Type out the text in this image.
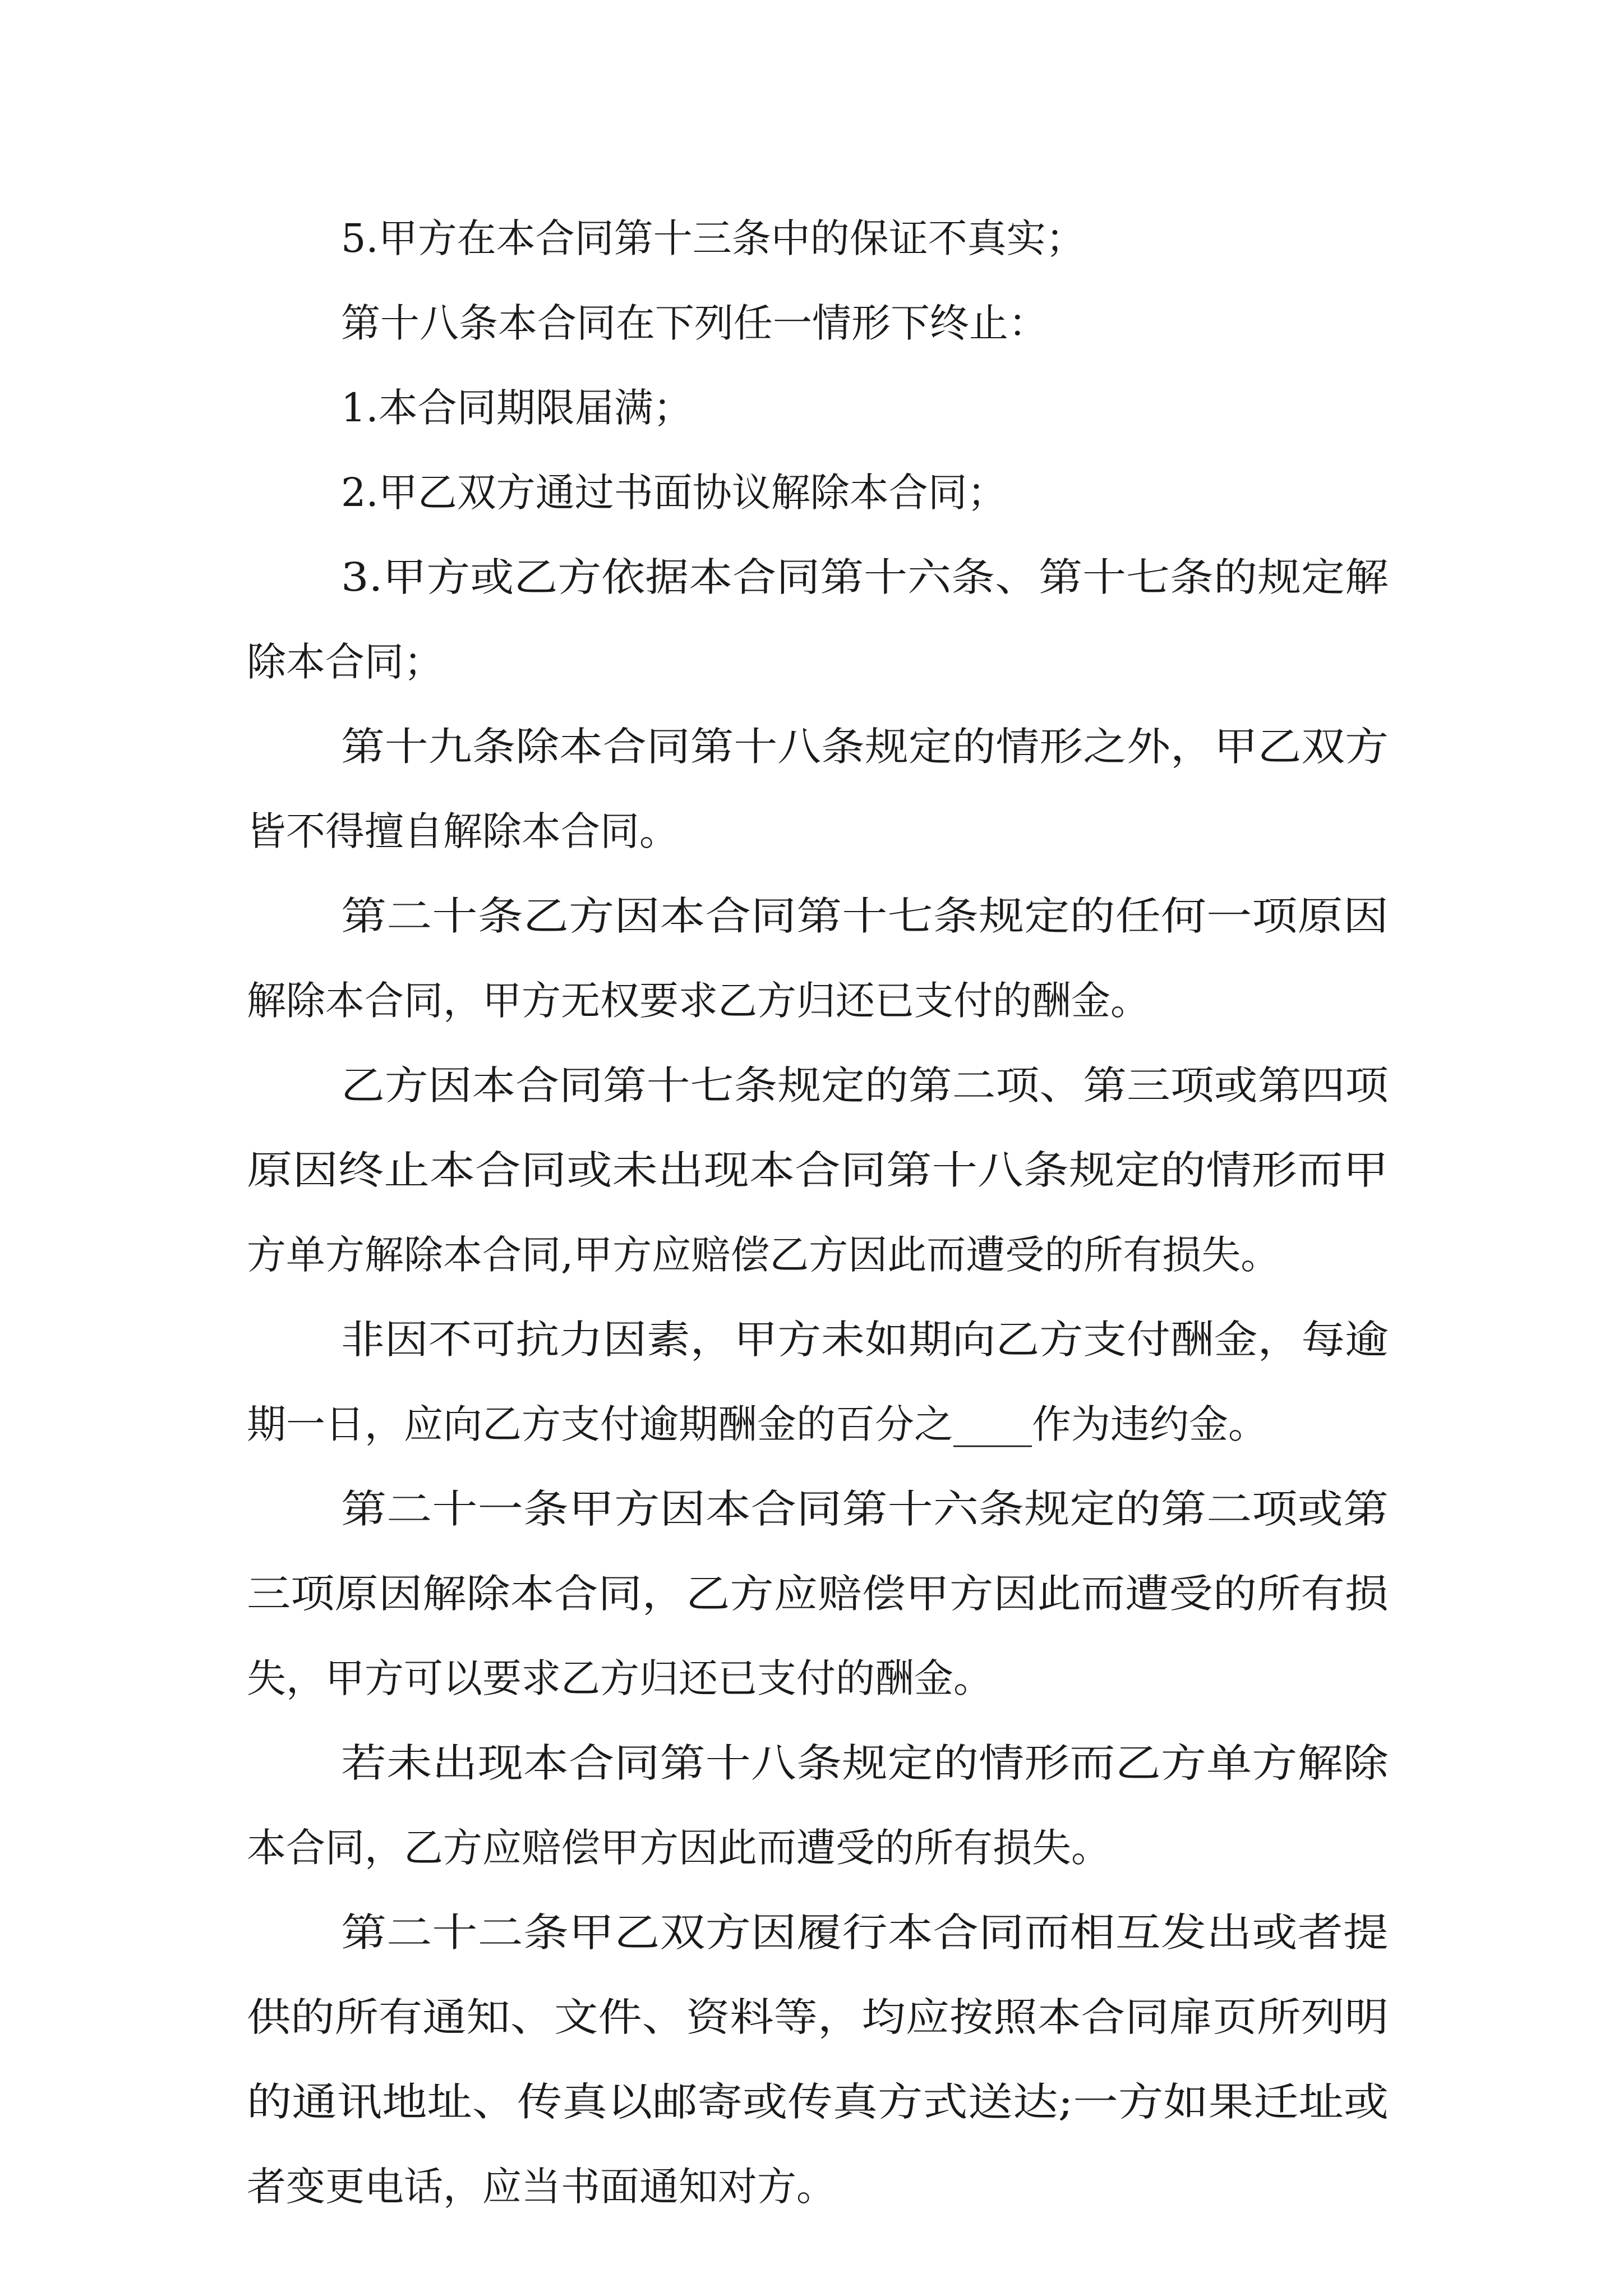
5.甲方在本合同第十三条中的保证不真实；
第十八条本合同在下列任一情形下终止：
1.本合同期限届满；
2.甲乙双方通过书面协议解除本合同；
3.甲方或乙方依据本合同第十六条、第十七条的规定解
除本合同；
第十九条除本合同第十八条规定的情形之外，甲乙双方
皆不得擅自解除本合同。
第二十条乙方因本合同第十七条规定的任何一项原因
解除本合同，甲方无权要求乙方归还已支付的酬金。
乙方因本合同第十七条规定的第二项、第三项或第四项
原因终止本合同或未出现本合同第十八条规定的情形而甲
方单方解除本合同,甲方应赔偿乙方因此而遭受的所有损失。
非因不可抗力因素，甲方未如期向乙方支付酬金，每逾
期一日，应向乙方支付逾期酬金的百分之____作为违约金。
第二十一条甲方因本合同第十六条规定的第二项或第
三项原因解除本合同，乙方应赔偿甲方因此而遭受的所有损
失，甲方可以要求乙方归还已支付的酬金。
若未出现本合同第十八条规定的情形而乙方单方解除
本合同，乙方应赔偿甲方因此而遭受的所有损失。
第二十二条甲乙双方因履行本合同而相互发出或者提
供的所有通知、文件、资料等，均应按照本合同扉页所列明
的通讯地址、传真以邮寄或传真方式送达;一方如果迁址或
者变更电话，应当书面通知对方。
